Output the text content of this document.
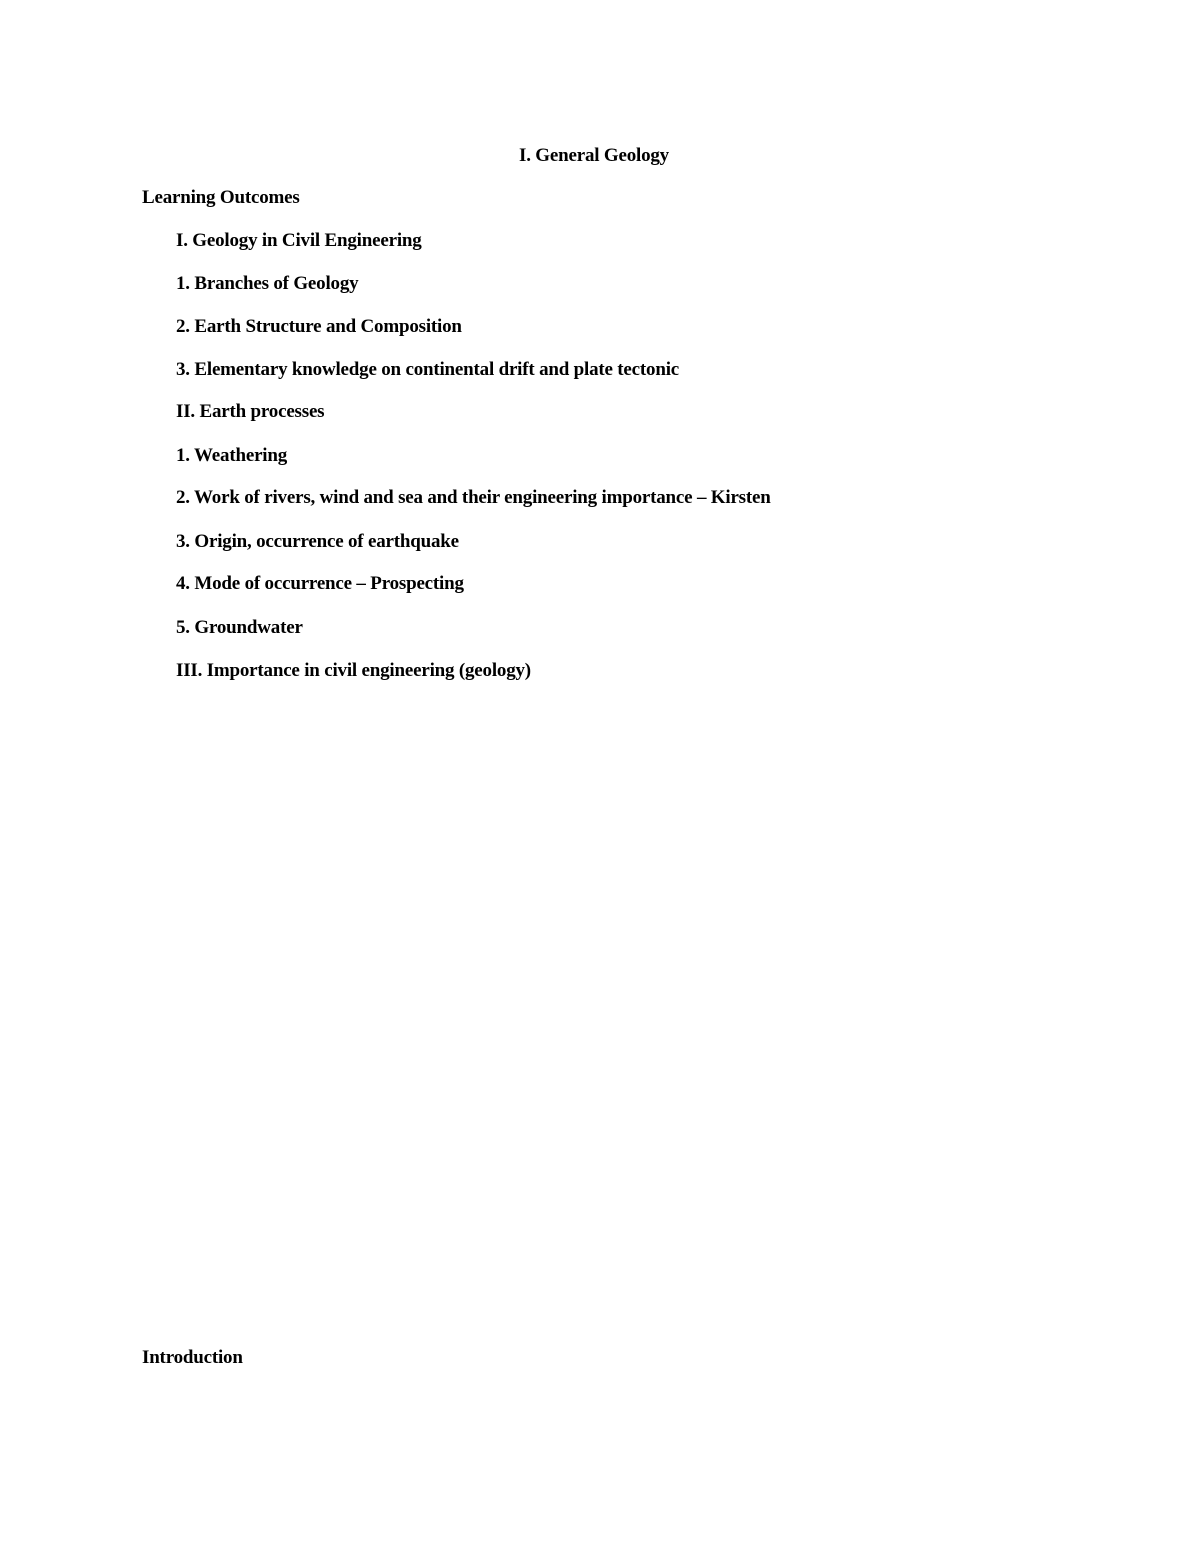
I. General Geology
Learning Outcomes
I. Geology in Civil Engineering
1. Branches of Geology
2. Earth Structure and Composition
3. Elementary knowledge on continental drift and plate tectonic
II. Earth processes
1. Weathering
2. Work of rivers, wind and sea and their engineering importance – Kirsten
3. Origin, occurrence of earthquake
4. Mode of occurrence – Prospecting
5. Groundwater
III. Importance in civil engineering (geology)
Introduction
